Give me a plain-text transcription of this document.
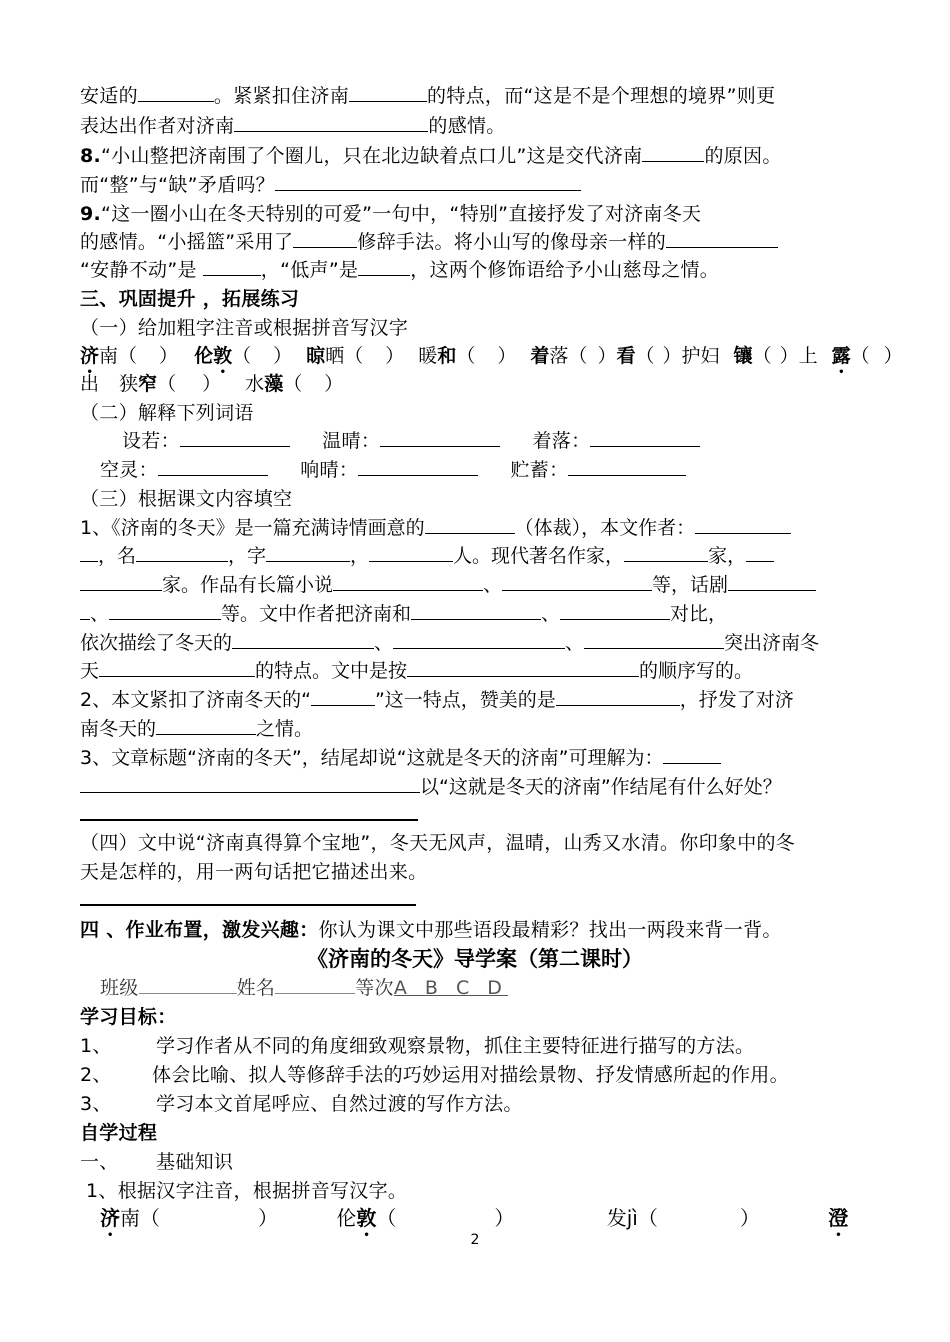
安适的	。紧紧扣住济南	的特点，而“这是不是个理想的境界”则更
表达出作者对济南	的感情。
8.“小山整把济南围了个圈儿，只在北边缺着点口儿”这是交代济南	的原因。
而“整”与“缺”矛盾吗？
9.“这一圈小山在冬天特别的可爱”一句中，“特别”直接抒发了对济南冬天
的感情。“小摇篮”采用了	修辞手法。将小山写的像母亲一样的
“安静不动”是	，“低声”是	，这两个修饰语给予小山慈母之情。
三、巩固提升 ，拓展练习
（一）给加粗字注音或根据拼音写汉字
济南（ ） 伦敦（ ） 晾晒（ ） 暖和（ ） 着落（ ）看（ ）护妇 镶（ ）上 露（ ）
出 狭窄（ ） 水藻（ ）
（二）解释下列词语
设若：	温晴：	着落：
空灵：	响晴：	贮蓄：
（三）根据课文内容填空
1、《济南的冬天》是一篇充满诗情画意的	（体裁），本文作者：
，名	，字	，	人。现代著名作家，	家，
家。作品有长篇小说	、	等，话剧
、	等。文中作者把济南和	、	对比，
依次描绘了冬天的	、	、	突出济南冬
天	的特点。文中是按	的顺序写的。
2、本文紧扣了济南冬天的“	”这一特点，赞美的是	，抒发了对济
南冬天的	之情。
3、文章标题“济南的冬天”，结尾却说“这就是冬天的济南”可理解为：
以“这就是冬天的济南”作结尾有什么好处？
（四）文中说“济南真得算个宝地”，冬天无风声，温晴，山秀又水清。你印象中的冬
天是怎样的，用一两句话把它描述出来。
四 、作业布置，激发兴趣：你认为课文中那些语段最精彩？找出一两段来背一背。
《济南的冬天》导学案（第二课时）
班级	姓名	等次A B C D
学习目标：
1、 学习作者从不同的角度细致观察景物，抓住主要特征进行描写的方法。
2、 体会比喻、拟人等修辞手法的巧妙运用对描绘景物、抒发情感所起的作用。
3、 学习本文首尾呼应、自然过渡的写作方法。
自学过程
一、 基础知识
1、根据汉字注音，根据拼音写汉字。
济南（	）	伦敦（	）	发jì（	）	澄
2
